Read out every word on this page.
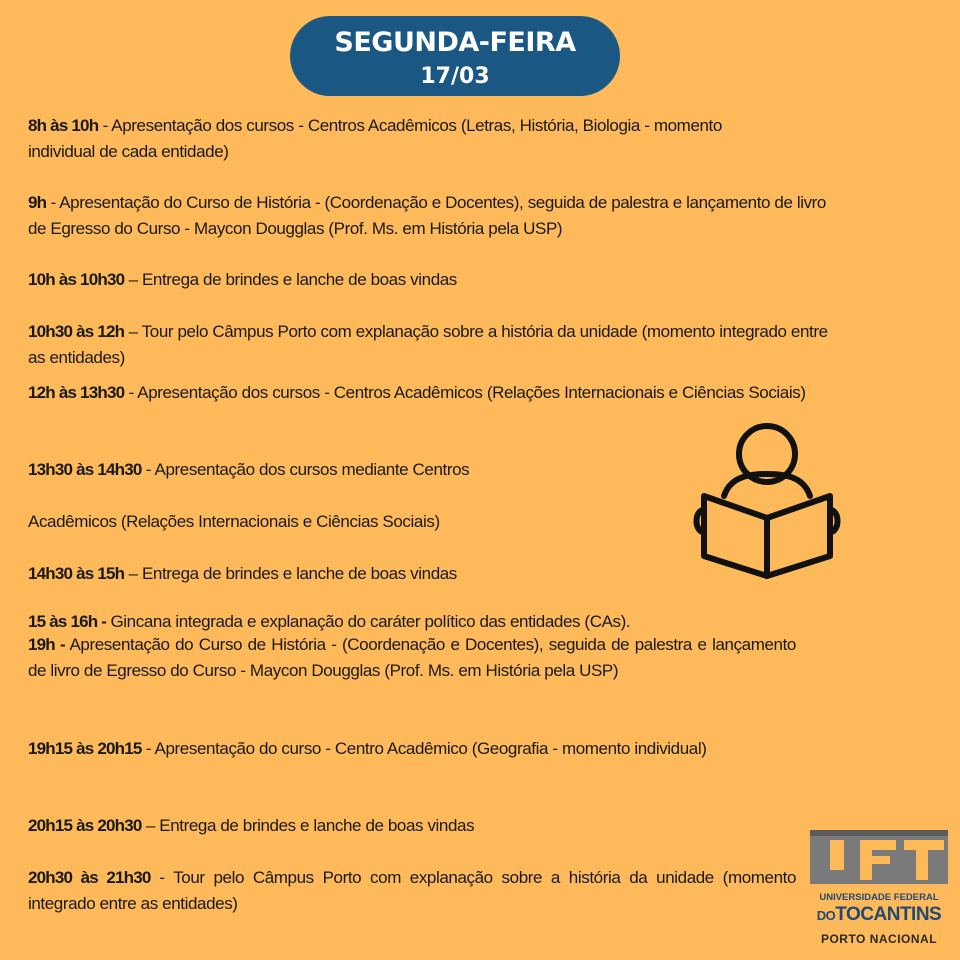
SEGUNDA-FEIRA
17/03
8h às 10h - Apresentação dos cursos - Centros Acadêmicos (Letras, História, Biologia - momento individual de cada entidade)
9h - Apresentação do Curso de História - (Coordenação e Docentes), seguida de palestra e lançamento de livro de Egresso do Curso - Maycon Dougglas (Prof. Ms. em História pela USP)
10h às 10h30 – Entrega de brindes e lanche de boas vindas
10h30 às 12h – Tour pelo Câmpus Porto com explanação sobre a história da unidade (momento integrado entre as entidades)
12h às 13h30 - Apresentação dos cursos - Centros Acadêmicos (Relações Internacionais e Ciências Sociais)
13h30 às 14h30 - Apresentação dos cursos mediante Centros
Acadêmicos (Relações Internacionais e Ciências Sociais)
14h30 às 15h – Entrega de brindes e lanche de boas vindas
15 às 16h - Gincana integrada e explanação do caráter político das entidades (CAs).
19h - Apresentação do Curso de História - (Coordenação e Docentes), seguida de palestra e lançamento de livro de Egresso do Curso - Maycon Dougglas (Prof. Ms. em História pela USP)
19h15 às 20h15 - Apresentação do curso - Centro Acadêmico (Geografia - momento individual)
20h15 às 20h30 – Entrega de brindes e lanche de boas vindas
20h30 às 21h30 - Tour pelo Câmpus Porto com explanação sobre a história da unidade (momento integrado entre as entidades)	UNIVERSIDADE FEDERAL
DOTOCANTINS
PORTO NACIONAL
